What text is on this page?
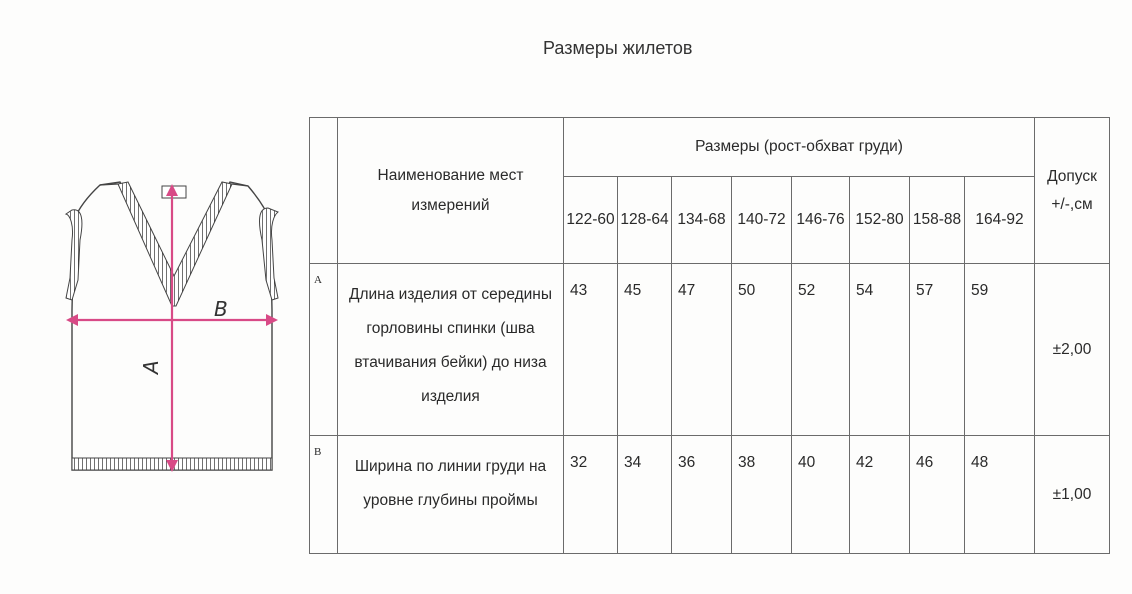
Размеры жилетов
B
A
	Наименование мест измерений	Размеры (рост-обхват груди)								Допуск +/-,см
		122-60	128-64	134-68	140-72	146-76	152-80	158-88	164-92	
А	Длина изделия от середины горловины спинки (шва втачивания бейки) до низа изделия	43	45	47	50	52	54	57	59	±2,00
В	Ширина по линии груди на уровне глубины проймы	32	34	36	38	40	42	46	48	±1,00
